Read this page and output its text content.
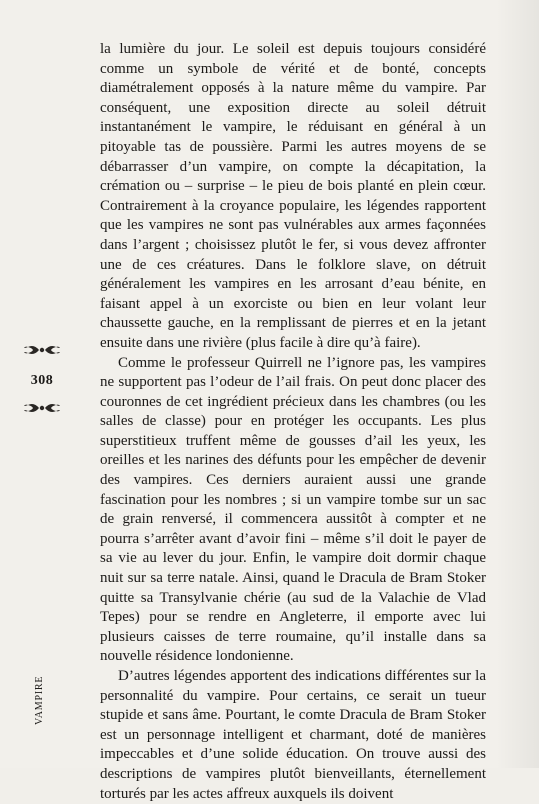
la lumière du jour. Le soleil est depuis toujours considéré comme un symbole de vérité et de bonté, concepts diamétralement opposés à la nature même du vampire. Par conséquent, une exposition directe au soleil détruit instantanément le vampire, le réduisant en général à un pitoyable tas de poussière. Parmi les autres moyens de se débarrasser d’un vampire, on compte la décapitation, la crémation ou – surprise – le pieu de bois planté en plein cœur. Contrairement à la croyance populaire, les légendes rapportent que les vampires ne sont pas vulnérables aux armes façonnées dans l’argent ; choisissez plutôt le fer, si vous devez affronter une de ces créatures. Dans le folklore slave, on détruit généralement les vampires en les arrosant d’eau bénite, en faisant appel à un exorciste ou bien en leur volant leur chaussette gauche, en la remplissant de pierres et en la jetant ensuite dans une rivière (plus facile à dire qu’à faire).

Comme le professeur Quirrell ne l’ignore pas, les vampires ne supportent pas l’odeur de l’ail frais. On peut donc placer des couronnes de cet ingrédient précieux dans les chambres (ou les salles de classe) pour en protéger les occupants. Les plus superstitieux truffent même de gousses d’ail les yeux, les oreilles et les narines des défunts pour les empêcher de devenir des vampires. Ces derniers auraient aussi une grande fascination pour les nombres ; si un vampire tombe sur un sac de grain renversé, il commencera aussitôt à compter et ne pourra s’arrêter avant d’avoir fini – même s’il doit le payer de sa vie au lever du jour. Enfin, le vampire doit dormir chaque nuit sur sa terre natale. Ainsi, quand le Dracula de Bram Stoker quitte sa Transylvanie chérie (au sud de la Valachie de Vlad Tepes) pour se rendre en Angleterre, il emporte avec lui plusieurs caisses de terre roumaine, qu’il installe dans sa nouvelle résidence londonienne.

D’autres légendes apportent des indications différentes sur la personnalité du vampire. Pour certains, ce serait un tueur stupide et sans âme. Pourtant, le comte Dracula de Bram Stoker est un personnage intelligent et charmant, doté de manières impeccables et d’une solide éducation. On trouve aussi des descriptions de vampires plutôt bienveillants, éternellement torturés par les actes affreux auxquels ils doivent

308
VAMPIRE
